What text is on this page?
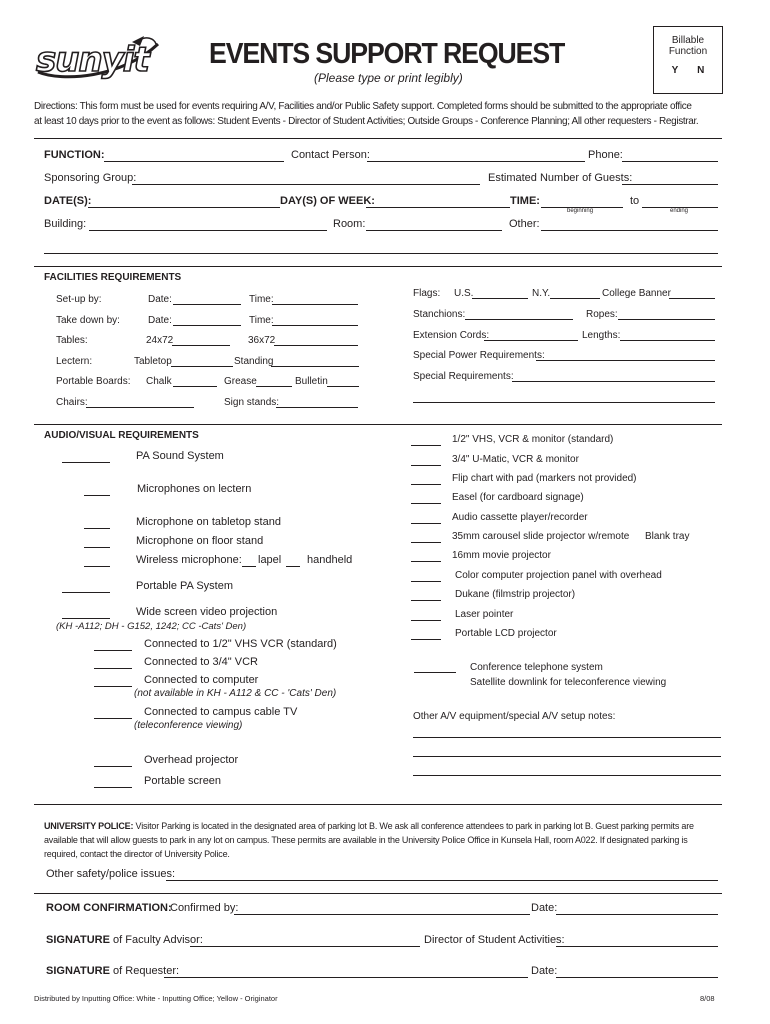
sunyit EVENTS SUPPORT REQUEST
(Please type or print legibly)
Billable
Function
Y N
Directions: This form must be used for events requiring A/V, Facilities and/or Public Safety support. Completed forms should be submitted to the appropriate office
at least 10 days prior to the event as follows: Student Events - Director of Student Activities; Outside Groups - Conference Planning; All other requesters - Registrar.
FUNCTION:	Contact Person:	Phone:
Sponsoring Group:	Estimated Number of Guests:
DATE(S):	DAY(S) OF WEEK:	TIME:	to
beginning	ending
Building:	Room:	Other:
FACILITIES REQUIREMENTS
Set-up by:	Date:	Time:
Take down by:	Date:	Time:
Tables:	24x72	36x72
Lectern:	Tabletop	Standing
Portable Boards: Chalk	Grease	Bulletin
Chairs:	Sign stands:
Flags: U.S.	N.Y.	College Banner
Stanchions:	Ropes:
Extension Cords:	Lengths:
Special Power Requirements:
Special Requirements:
AUDIO/VISUAL REQUIREMENTS
PA Sound System
Microphones on lectern
Microphone on tabletop stand
Microphone on floor stand
Wireless microphone: lapel handheld
Portable PA System
Wide screen video projection
(KH -A112; DH - G152, 1242; CC -Cats' Den)
Connected to 1/2" VHS VCR (standard)
Connected to 3/4" VCR
Connected to computer
(not available in KH - A112 & CC - 'Cats' Den)
Connected to campus cable TV
(teleconference viewing)
Overhead projector
Portable screen
1/2" VHS, VCR & monitor (standard)
3/4" U-Matic, VCR & monitor
Flip chart with pad (markers not provided)
Easel (for cardboard signage)
Audio cassette player/recorder
35mm carousel slide projector w/remote Blank tray
16mm movie projector
Color computer projection panel with overhead
Dukane (filmstrip projector)
Laser pointer
Portable LCD projector
Conference telephone system
Satellite downlink for teleconference viewing
Other A/V equipment/special A/V setup notes:
UNIVERSITY POLICE: Visitor Parking is located in the designated area of parking lot B. We ask all conference attendees to park in parking lot B. Guest parking permits are
available that will allow guests to park in any lot on campus. These permits are available in the University Police Office in Kunsela Hall, room A022. If designated parking is
required, contact the director of University Police.
Other safety/police issues:
ROOM CONFIRMATION:
Confirmed by:	Date:
SIGNATURE of Faculty Advisor:	Director of Student Activities:
SIGNATURE of Requester:	Date:
Distributed by Inputting Office: White - Inputting Office; Yellow - Originator	8/08
